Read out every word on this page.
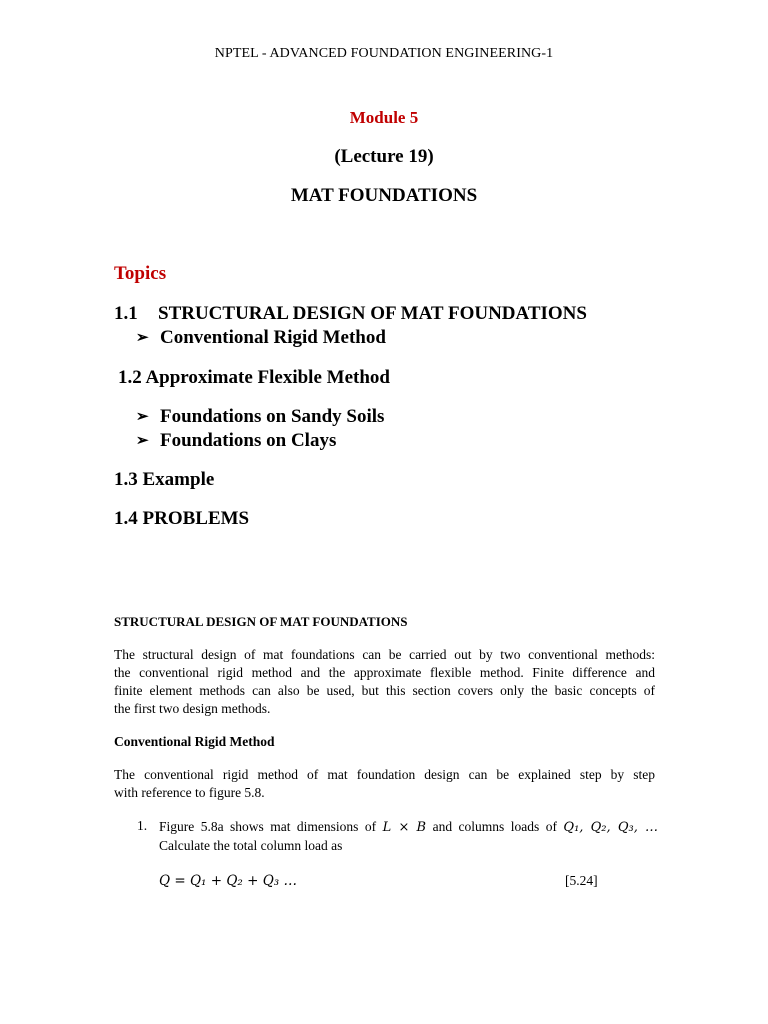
NPTEL - ADVANCED FOUNDATION ENGINEERING-1
Module 5
(Lecture 19)
MAT FOUNDATIONS
Topics
1.1 STRUCTURAL DESIGN OF MAT FOUNDATIONS
➢ Conventional Rigid Method
1.2 Approximate Flexible Method
➢ Foundations on Sandy Soils
➢ Foundations on Clays
1.3 Example
1.4 PROBLEMS
STRUCTURAL DESIGN OF MAT FOUNDATIONS
The structural design of mat foundations can be carried out by two conventional methods:
the conventional rigid method and the approximate flexible method. Finite difference and
finite element methods can also be used, but this section covers only the basic concepts of
the first two design methods.
Conventional Rigid Method
The conventional rigid method of mat foundation design can be explained step by step
with reference to figure 5.8.
1. Figure 5.8a shows mat dimensions of L × B and columns loads of Q₁, Q₂, Q₃, …
Calculate the total column load as
Q = Q₁ + Q₂ + Q₃ …	[5.24]
